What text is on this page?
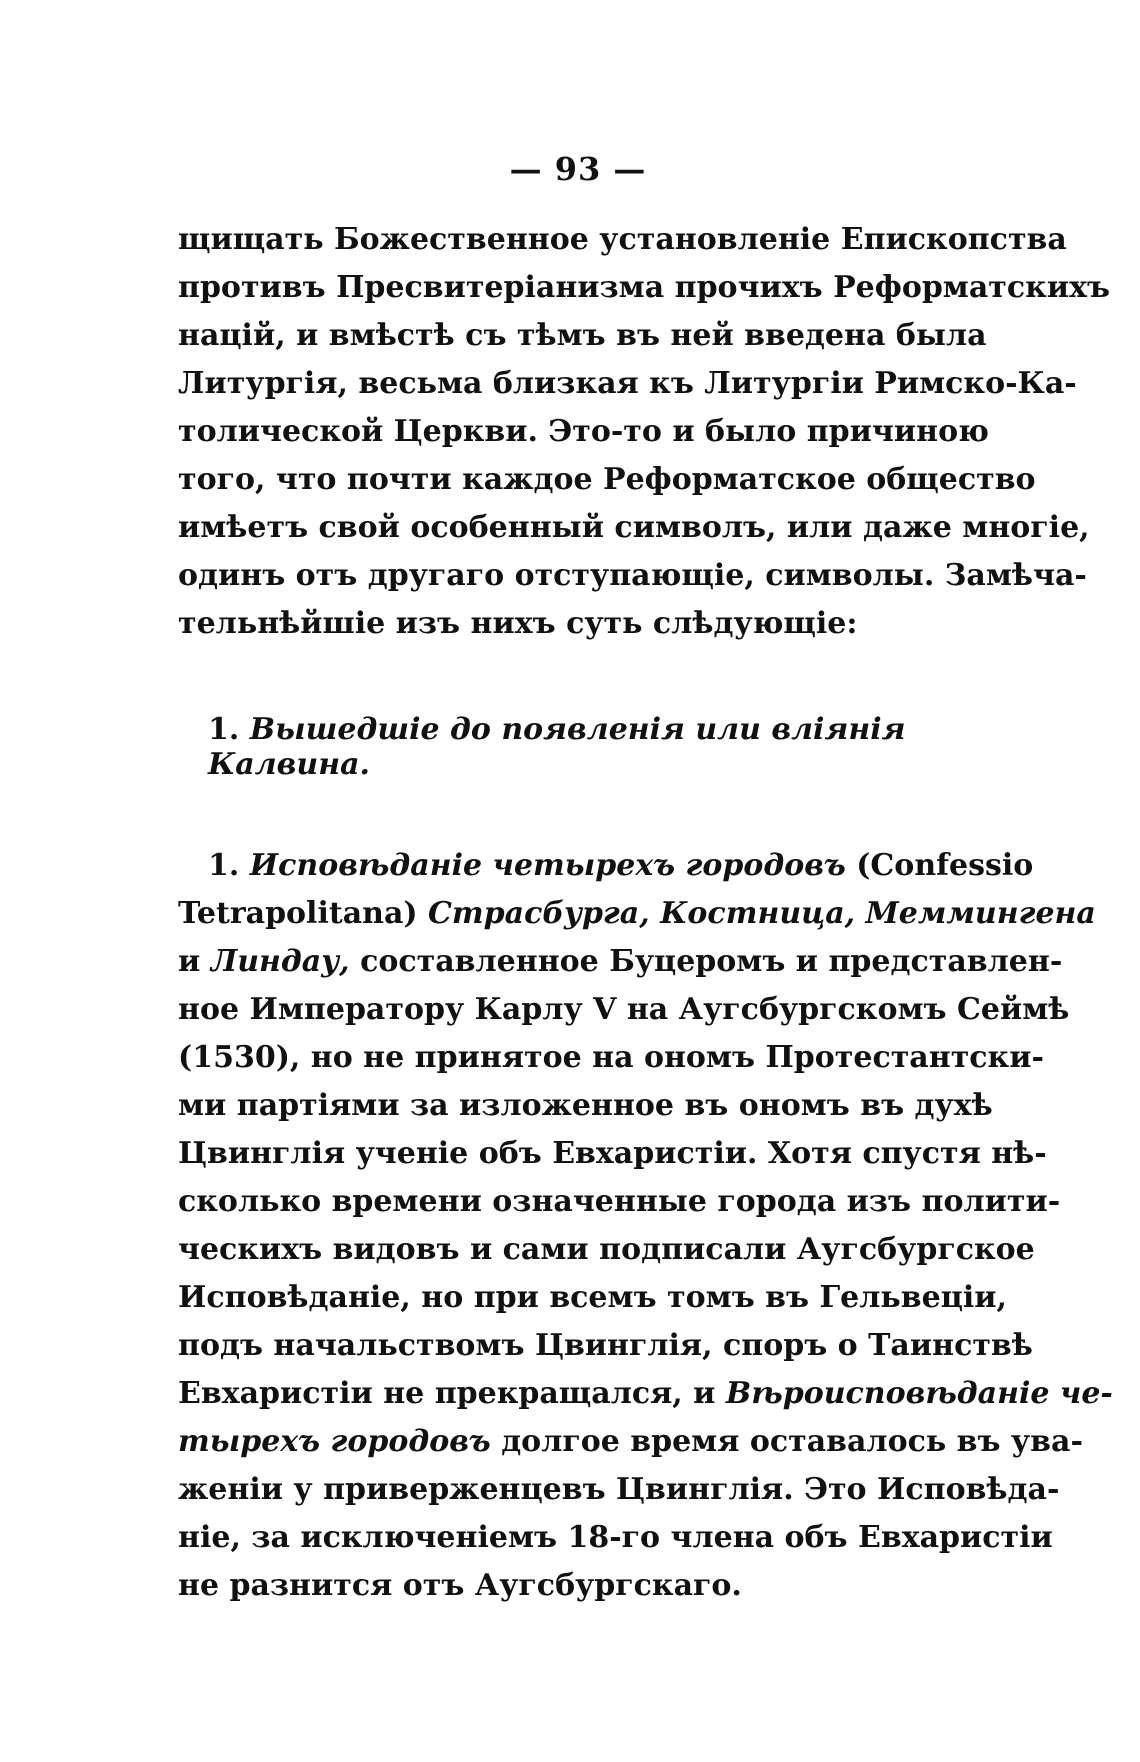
— 93 —

щищать Божественное установленіе Епископства
противъ Пресвитеріанизма прочихъ Реформатскихъ
націй, и вмѣстѣ съ тѣмъ въ ней введена была
Литургія, весьма близкая къ Литургіи Римско-Ка-
толической Церкви. Это-то и было причиною
того, что почти каждое Реформатское общество
имѣетъ свой особенный символъ, или даже многіе,
одинъ отъ другаго отступающіе, символы. Замѣча-
тельнѣйшіе изъ нихъ суть слѣдующіе:

1. Вышедшіе до появленія или вліянія Калвина.

1. Исповѣданіе четырехъ городовъ (Confessio
Tetrapolitana) Страсбурга, Костница, Меммингена
и Линдау, составленное Буцеромъ и представлен-
ное Императору Карлу V на Аугсбургскомъ Сеймѣ
(1530), но не принятое на ономъ Протестантски-
ми партіями за изложенное въ ономъ въ духѣ
Цвинглія ученіе объ Евхаристіи. Хотя спустя нѣ-
сколько времени означенные города изъ полити-
ческихъ видовъ и сами подписали Аугсбургское
Исповѣданіе, но при всемъ томъ въ Гельвеціи,
подъ начальствомъ Цвинглія, споръ о Таинствѣ
Евхаристіи не прекращался, и Вѣроисповѣданіе че-
тырехъ городовъ долгое время оставалось въ ува-
женіи у приверженцевъ Цвинглія. Это Исповѣда-
ніе, за исключеніемъ 18-го члена объ Евхаристіи
не разнится отъ Аугсбургскаго.
